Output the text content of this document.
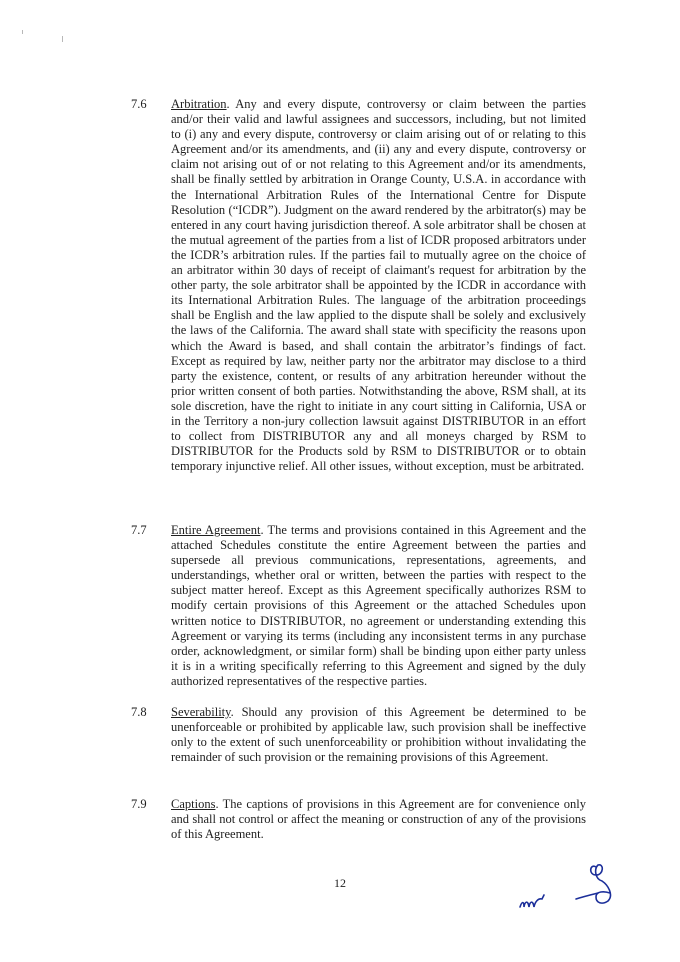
7.6 Arbitration. Any and every dispute, controversy or claim between the parties and/or their valid and lawful assignees and successors, including, but not limited to (i) any and every dispute, controversy or claim arising out of or relating to this Agreement and/or its amendments, and (ii) any and every dispute, controversy or claim not arising out of or not relating to this Agreement and/or its amendments, shall be finally settled by arbitration in Orange County, U.S.A. in accordance with the International Arbitration Rules of the International Centre for Dispute Resolution (“ICDR”). Judgment on the award rendered by the arbitrator(s) may be entered in any court having jurisdiction thereof. A sole arbitrator shall be chosen at the mutual agreement of the parties from a list of ICDR proposed arbitrators under the ICDR’s arbitration rules. If the parties fail to mutually agree on the choice of an arbitrator within 30 days of receipt of claimant's request for arbitration by the other party, the sole arbitrator shall be appointed by the ICDR in accordance with its International Arbitration Rules. The language of the arbitration proceedings shall be English and the law applied to the dispute shall be solely and exclusively the laws of the California. The award shall state with specificity the reasons upon which the Award is based, and shall contain the arbitrator’s findings of fact. Except as required by law, neither party nor the arbitrator may disclose to a third party the existence, content, or results of any arbitration hereunder without the prior written consent of both parties. Notwithstanding the above, RSM shall, at its sole discretion, have the right to initiate in any court sitting in California, USA or in the Territory a non-jury collection lawsuit against DISTRIBUTOR in an effort to collect from DISTRIBUTOR any and all moneys charged by RSM to DISTRIBUTOR for the Products sold by RSM to DISTRIBUTOR or to obtain temporary injunctive relief. All other issues, without exception, must be arbitrated.
7.7 Entire Agreement. The terms and provisions contained in this Agreement and the attached Schedules constitute the entire Agreement between the parties and supersede all previous communications, representations, agreements, and understandings, whether oral or written, between the parties with respect to the subject matter hereof. Except as this Agreement specifically authorizes RSM to modify certain provisions of this Agreement or the attached Schedules upon written notice to DISTRIBUTOR, no agreement or understanding extending this Agreement or varying its terms (including any inconsistent terms in any purchase order, acknowledgment, or similar form) shall be binding upon either party unless it is in a writing specifically referring to this Agreement and signed by the duly authorized representatives of the respective parties.
7.8 Severability. Should any provision of this Agreement be determined to be unenforceable or prohibited by applicable law, such provision shall be ineffective only to the extent of such unenforceability or prohibition without invalidating the remainder of such provision or the remaining provisions of this Agreement.
7.9 Captions. The captions of provisions in this Agreement are for convenience only and shall not control or affect the meaning or construction of any of the provisions of this Agreement.
12
